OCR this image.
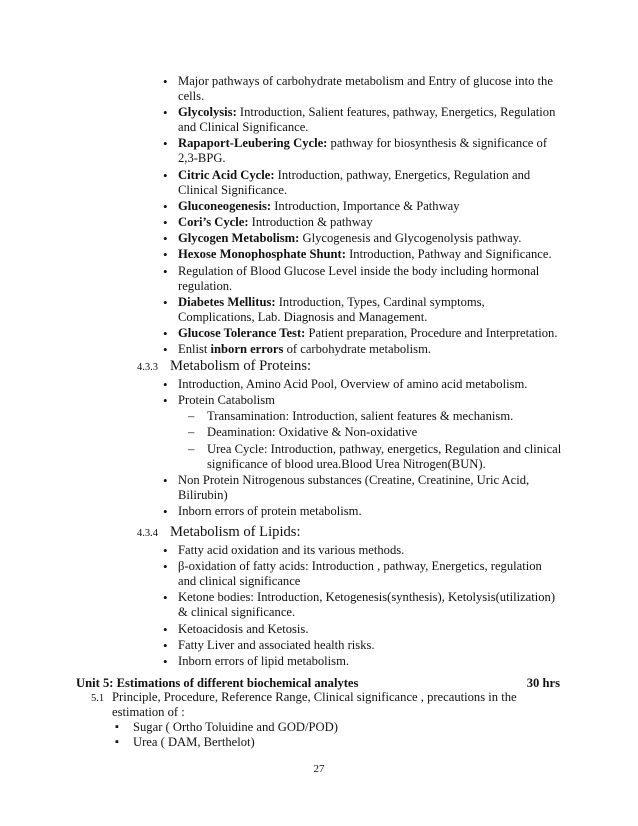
• Major pathways of carbohydrate metabolism and Entry of glucose into the cells.
• Glycolysis: Introduction, Salient features, pathway, Energetics, Regulation and Clinical Significance.
• Rapaport-Leubering Cycle: pathway for biosynthesis & significance of 2,3-BPG.
• Citric Acid Cycle: Introduction, pathway, Energetics, Regulation and Clinical Significance.
• Gluconeogenesis: Introduction, Importance & Pathway
• Cori’s Cycle: Introduction & pathway
• Glycogen Metabolism: Glycogenesis and Glycogenolysis pathway.
• Hexose Monophosphate Shunt: Introduction, Pathway and Significance.
• Regulation of Blood Glucose Level inside the body including hormonal regulation.
• Diabetes Mellitus: Introduction, Types, Cardinal symptoms, Complications, Lab. Diagnosis and Management.
• Glucose Tolerance Test: Patient preparation, Procedure and Interpretation.
• Enlist inborn errors of carbohydrate metabolism.
4.3.3 Metabolism of Proteins:
• Introduction, Amino Acid Pool, Overview of amino acid metabolism.
• Protein Catabolism
– Transamination: Introduction, salient features & mechanism.
– Deamination: Oxidative & Non-oxidative
– Urea Cycle: Introduction, pathway, energetics, Regulation and clinical significance of blood urea.Blood Urea Nitrogen(BUN).
• Non Protein Nitrogenous substances (Creatine, Creatinine, Uric Acid, Bilirubin)
• Inborn errors of protein metabolism.
4.3.4 Metabolism of Lipids:
• Fatty acid oxidation and its various methods.
• β-oxidation of fatty acids: Introduction , pathway, Energetics, regulation and clinical significance
• Ketone bodies: Introduction, Ketogenesis(synthesis), Ketolysis(utilization) & clinical significance.
• Ketoacidosis and Ketosis.
• Fatty Liver and associated health risks.
• Inborn errors of lipid metabolism.
Unit 5: Estimations of different biochemical analytes	30 hrs
5.1 Principle, Procedure, Reference Range, Clinical significance , precautions in the estimation of :
▪ Sugar ( Ortho Toluidine and GOD/POD)
▪ Urea ( DAM, Berthelot)
27
